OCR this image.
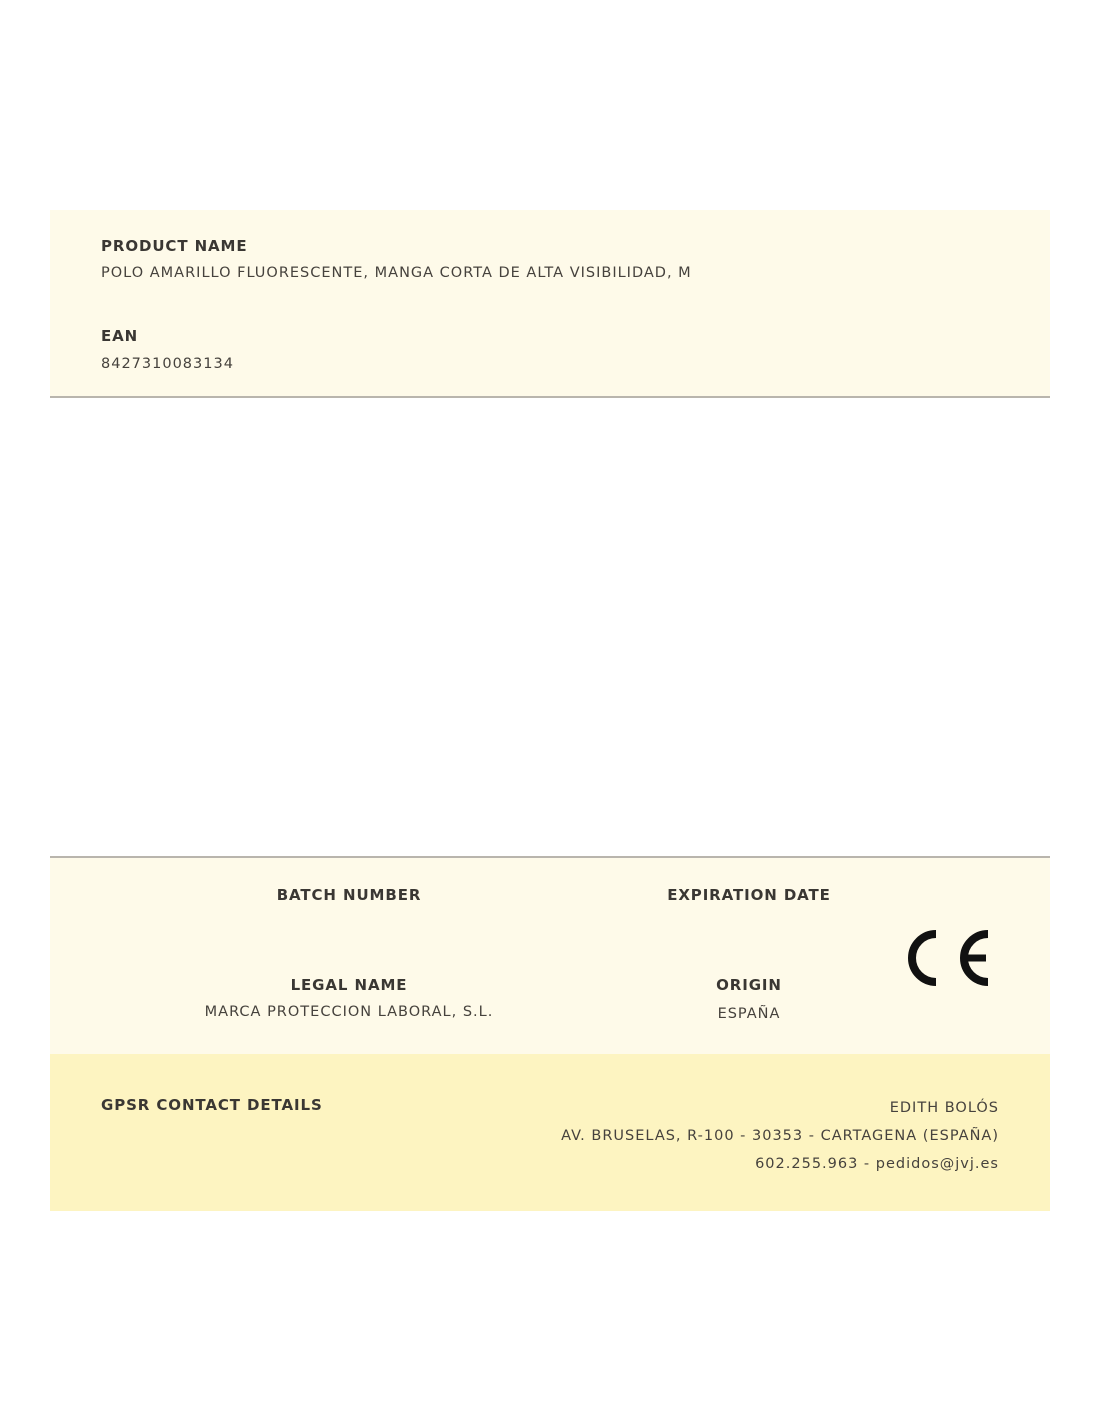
PRODUCT NAME
POLO AMARILLO FLUORESCENTE, MANGA CORTA DE ALTA VISIBILIDAD, M
EAN
8427310083134
BATCH NUMBER	EXPIRATION DATE
LEGAL NAME
MARCA PROTECCION LABORAL, S.L.
ORIGIN
ESPAÑA
GPSR CONTACT DETAILS	EDITH BOLÓS
AV. BRUSELAS, R-100 - 30353 - CARTAGENA (ESPAÑA)
602.255.963 - pedidos@jvj.es
